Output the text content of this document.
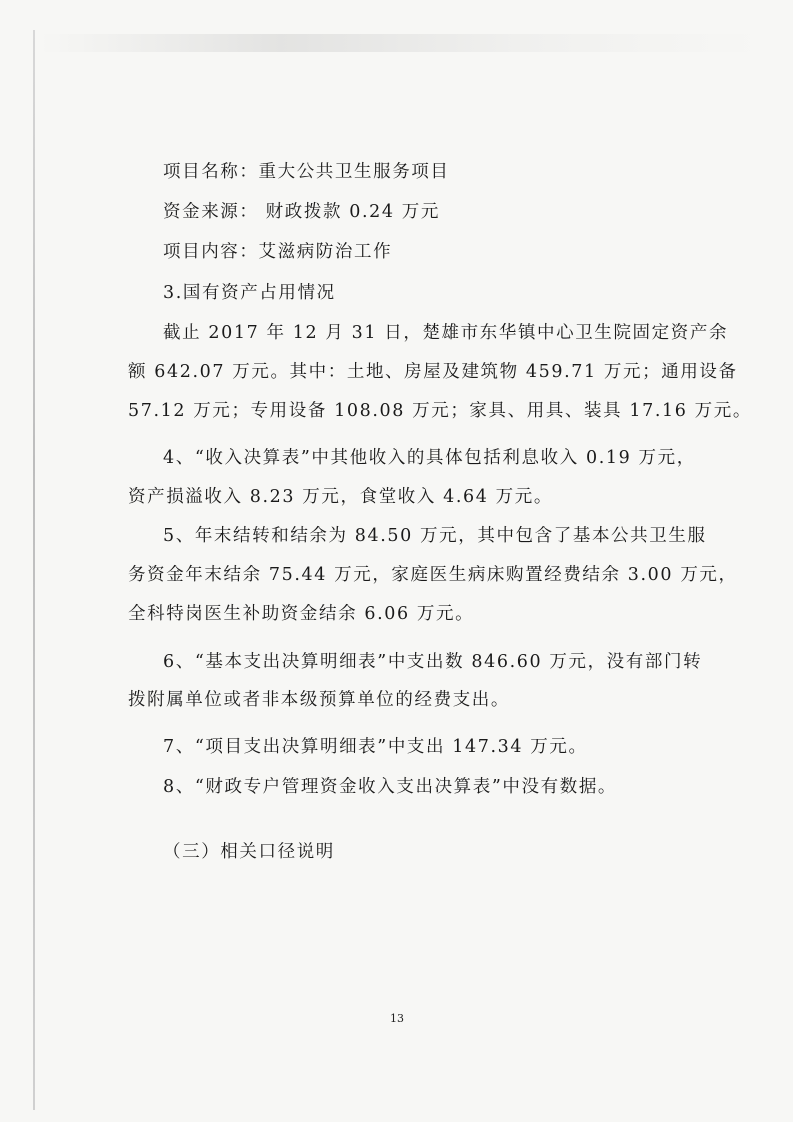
项目名称：重大公共卫生服务项目
资金来源： 财政拨款 0.24 万元
项目内容：艾滋病防治工作
3.国有资产占用情况
截止 2017 年 12 月 31 日，楚雄市东华镇中心卫生院固定资产余
额 642.07 万元。其中：土地、房屋及建筑物 459.71 万元；通用设备
57.12 万元；专用设备 108.08 万元；家具、用具、装具 17.16 万元。
4、“收入决算表”中其他收入的具体包括利息收入 0.19 万元，
资产损溢收入 8.23 万元，食堂收入 4.64 万元。
5、年末结转和结余为 84.50 万元，其中包含了基本公共卫生服
务资金年末结余 75.44 万元，家庭医生病床购置经费结余 3.00 万元，
全科特岗医生补助资金结余 6.06 万元。
6、“基本支出决算明细表”中支出数 846.60 万元，没有部门转
拨附属单位或者非本级预算单位的经费支出。
7、“项目支出决算明细表”中支出 147.34 万元。
8、“财政专户管理资金收入支出决算表”中没有数据。
（三）相关口径说明
13
